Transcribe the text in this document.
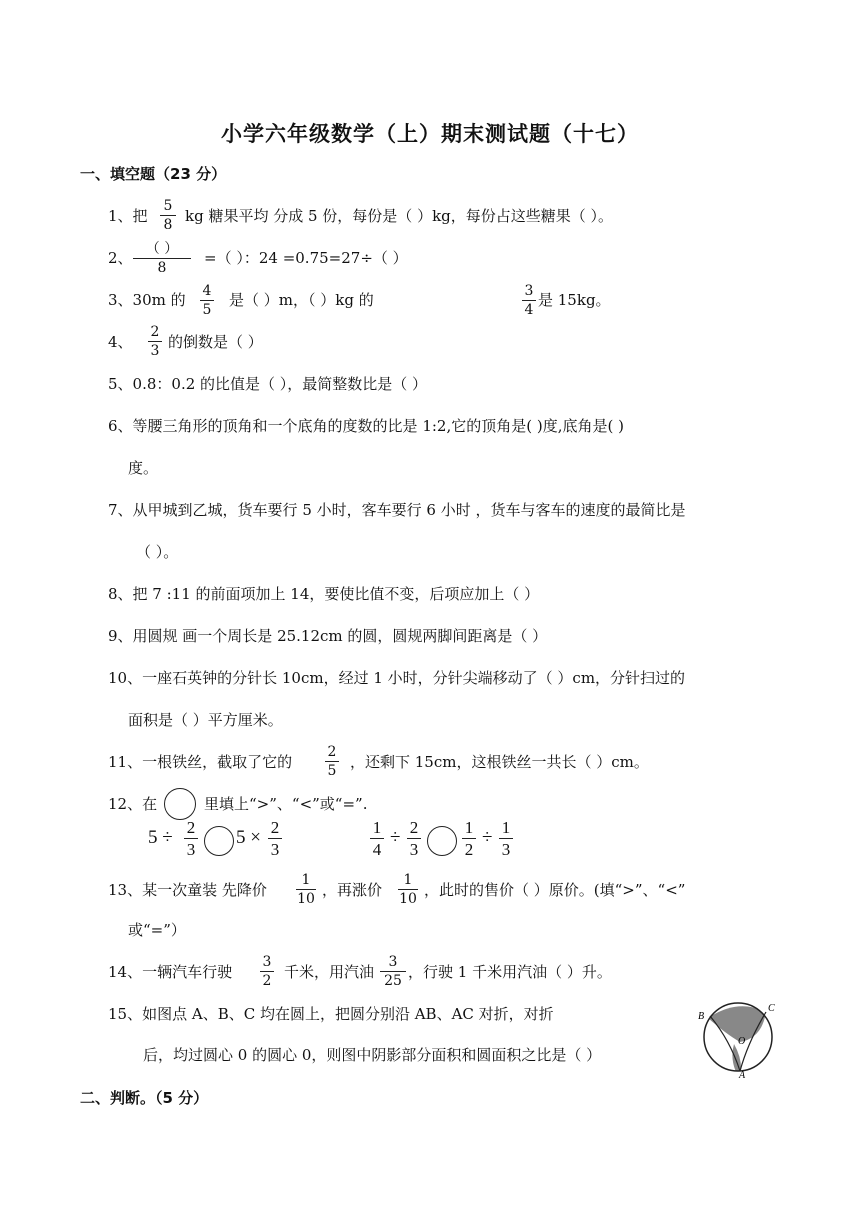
小学六年级数学（上）期末测试题（十七）
一、填空题（23 分）
1、把
5
8 kg 糖果平均 分成 5 份，每份是（ ）kg，每份占这些糖果（ ）。
2、 （ ）
8
=（ ）：24 =0.75=27÷（ ）
3、30m 的 4
5
是（ ）m，（ ）kg 的	3
4
是 15kg。
4、
2
3 的倒数是（ ）
5、0.8：0.2 的比值是（ ），最简整数比是（ ）
6、等腰三角形的顶角和一个底角的度数的比是 1:2,它的顶角是( )度,底角是( )
度。
7、从甲城到乙城，货车要行 5 小时，客车要行 6 小时 ，货车与客车的速度的最简比是
（ ）。
8、把 7 :11 的前面项加上 14，要使比值不变，后项应加上（ ）
9、用圆规 画一个周长是 25.12cm 的圆，圆规两脚间距离是（ ）
10、一座石英钟的分针长 10cm，经过 1 小时，分针尖端移动了（ ）cm，分针扫过的
面积是（ ）平方厘米。
11、一根铁丝，截取了它的
2
5 ，还剩下 15cm，这根铁丝一共长（ ）cm。
12、在	里填上“>”、“<”或“=”.
5 ÷ 2
3
5 × 2
3
1
4
÷ 2
3
1
2
÷ 1
3
13、某一次童装 先降价
1
10 ，再涨价
1
10 ，此时的售价（ ）原价。(填“>”、“<”
或“=”）
14、一辆汽车行驶
3
2 千米，用汽油
3
25 ，行驶 1 千米用汽油（ ）升。
15、如图点 A、B、C 均在圆上，把圆分别沿 AB、AC 对折，对折
后，均过圆心 0 的圆心 0，则图中阴影部分面积和圆面积之比是（ ）
B
C
O
A
二、判断。（5 分）
